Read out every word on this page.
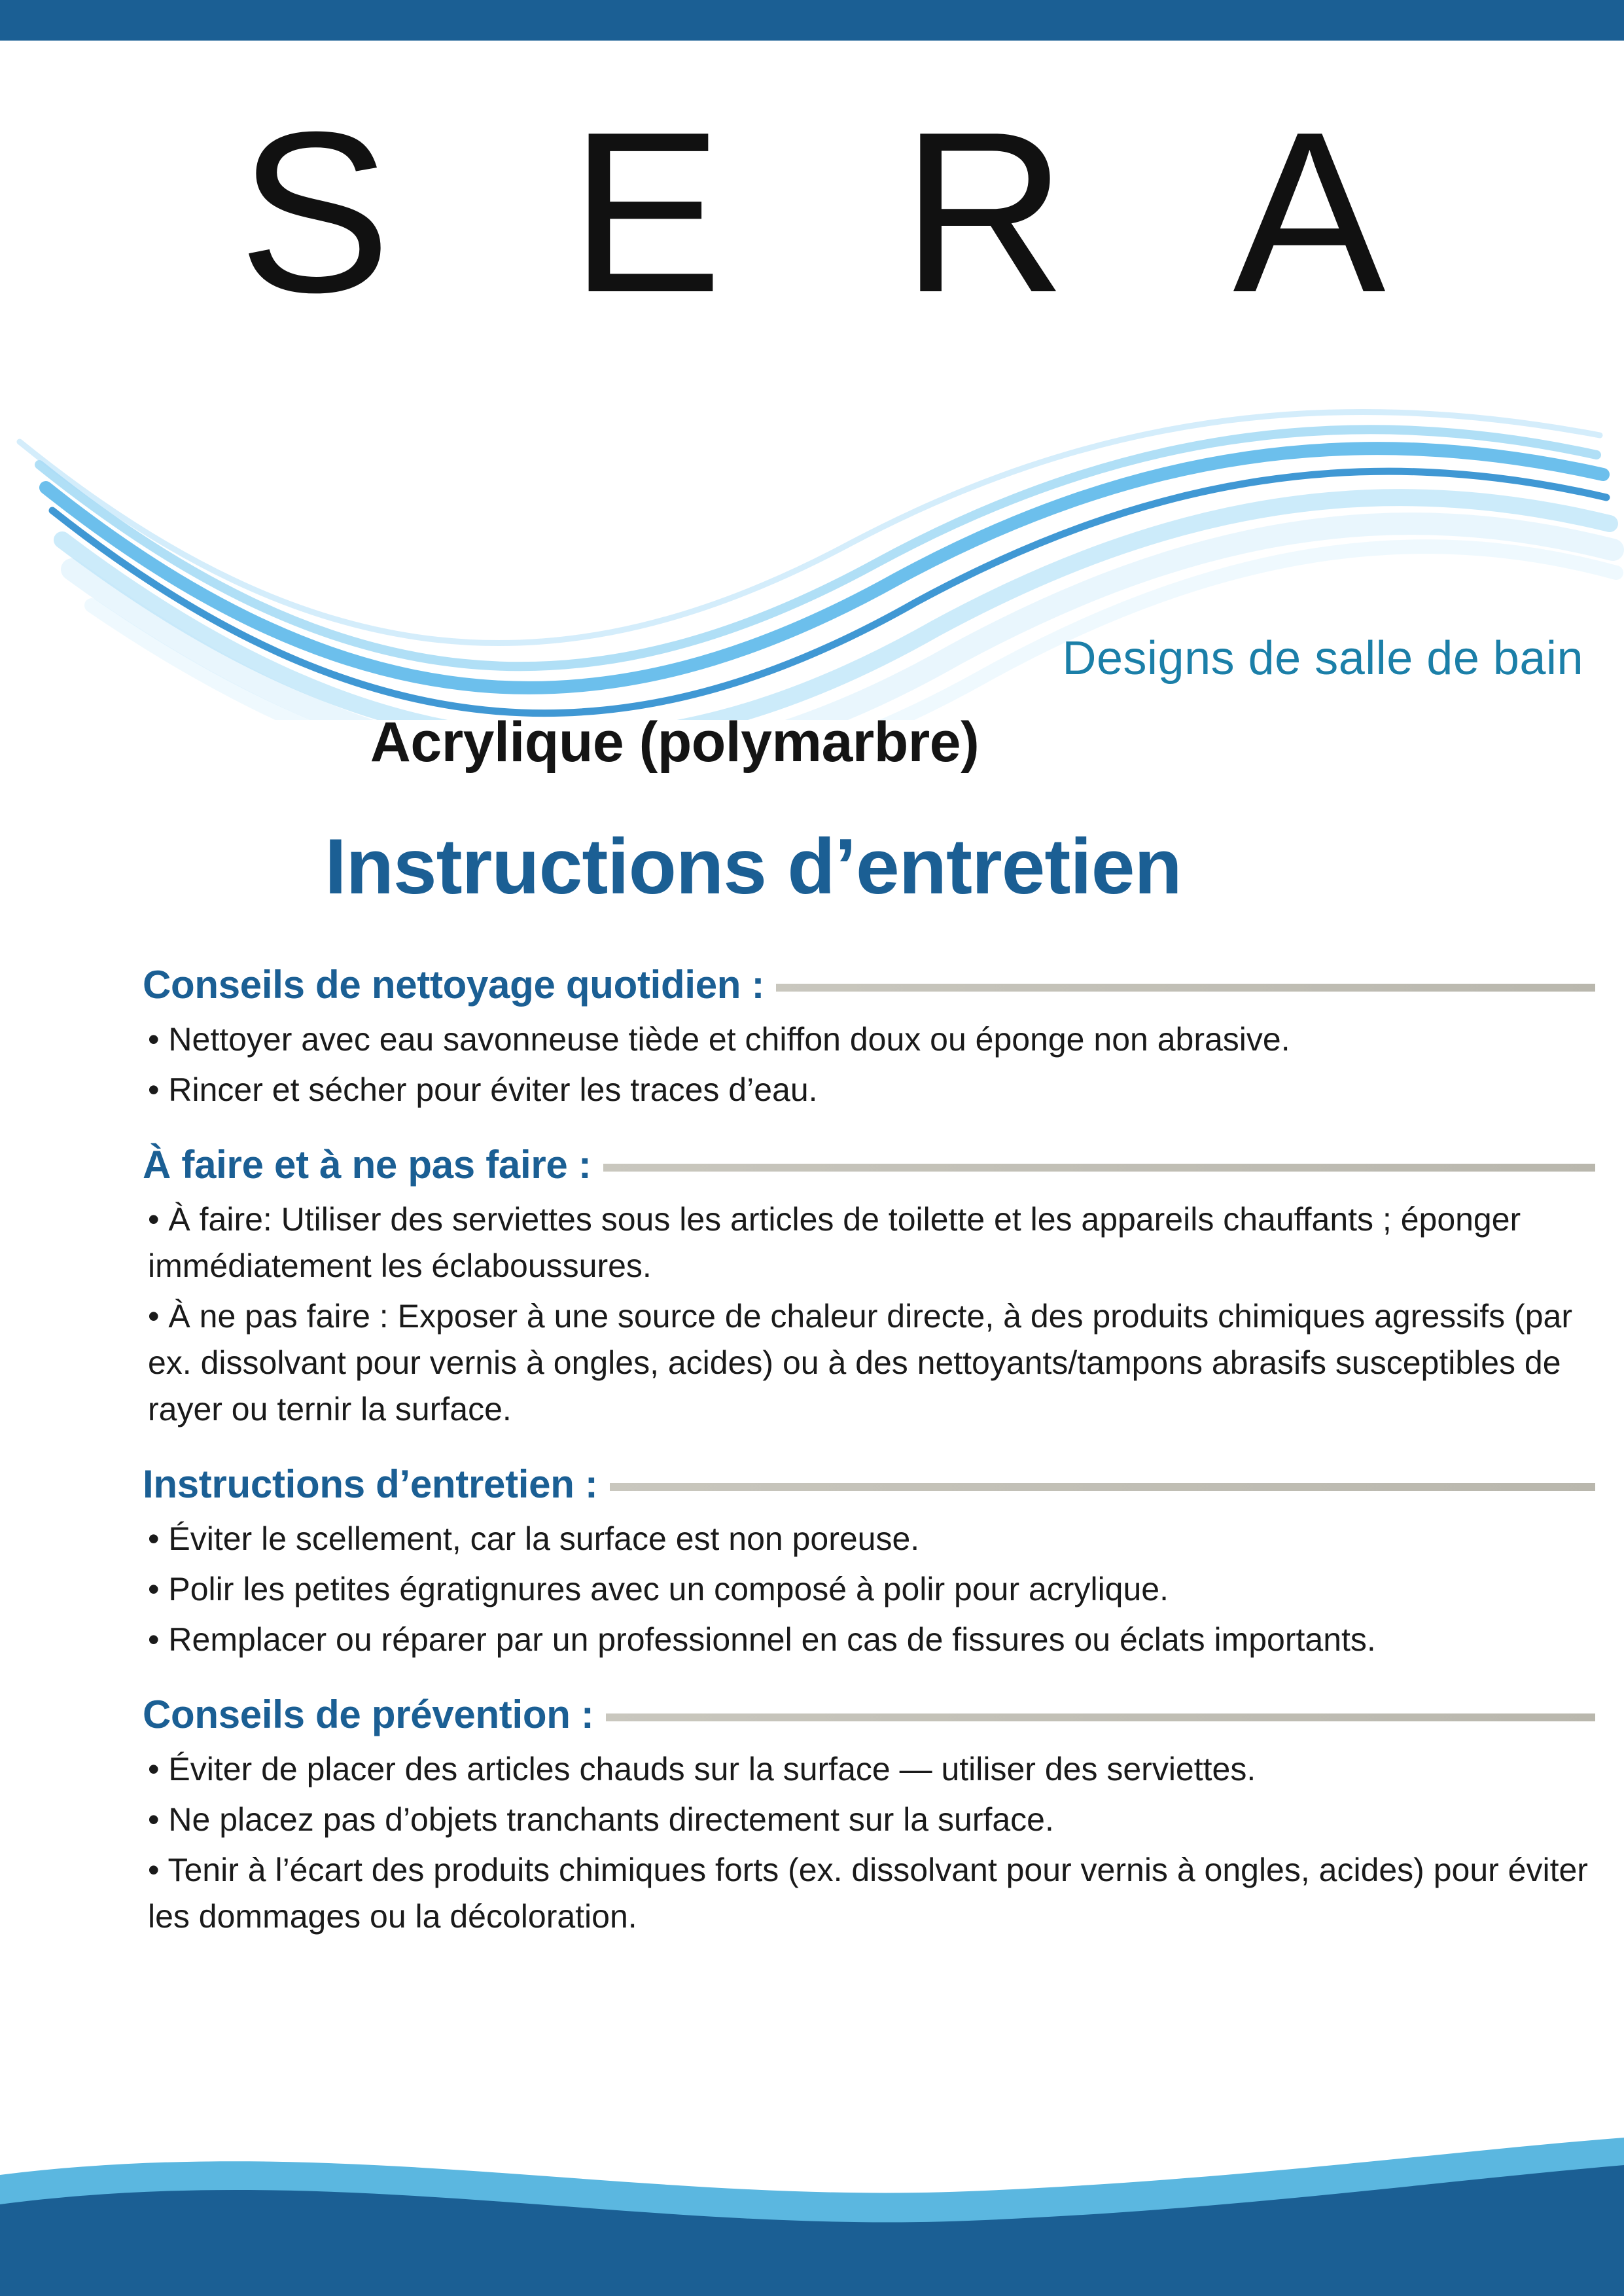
S E R A
Designs de salle de bain
Acrylique (polymarbre)
Instructions d’entretien
Conseils de nettoyage quotidien :
• Nettoyer avec eau savonneuse tiède et chiffon doux ou éponge non abrasive.
• Rincer et sécher pour éviter les traces d’eau.
À faire et à ne pas faire :
• À faire: Utiliser des serviettes sous les articles de toilette et les appareils chauffants ; éponger immédiatement les éclaboussures.
• À ne pas faire : Exposer à une source de chaleur directe, à des produits chimiques agressifs (par ex. dissolvant pour vernis à ongles, acides) ou à des nettoyants/tampons abrasifs susceptibles de rayer ou ternir la surface.
Instructions d’entretien :
• Éviter le scellement, car la surface est non poreuse.
• Polir les petites égratignures avec un composé à polir pour acrylique.
• Remplacer ou réparer par un professionnel en cas de fissures ou éclats importants.
Conseils de prévention :
• Éviter de placer des articles chauds sur la surface — utiliser des serviettes.
• Ne placez pas d’objets tranchants directement sur la surface.
• Tenir à l’écart des produits chimiques forts (ex. dissolvant pour vernis à ongles, acides) pour éviter les dommages ou la décoloration.
